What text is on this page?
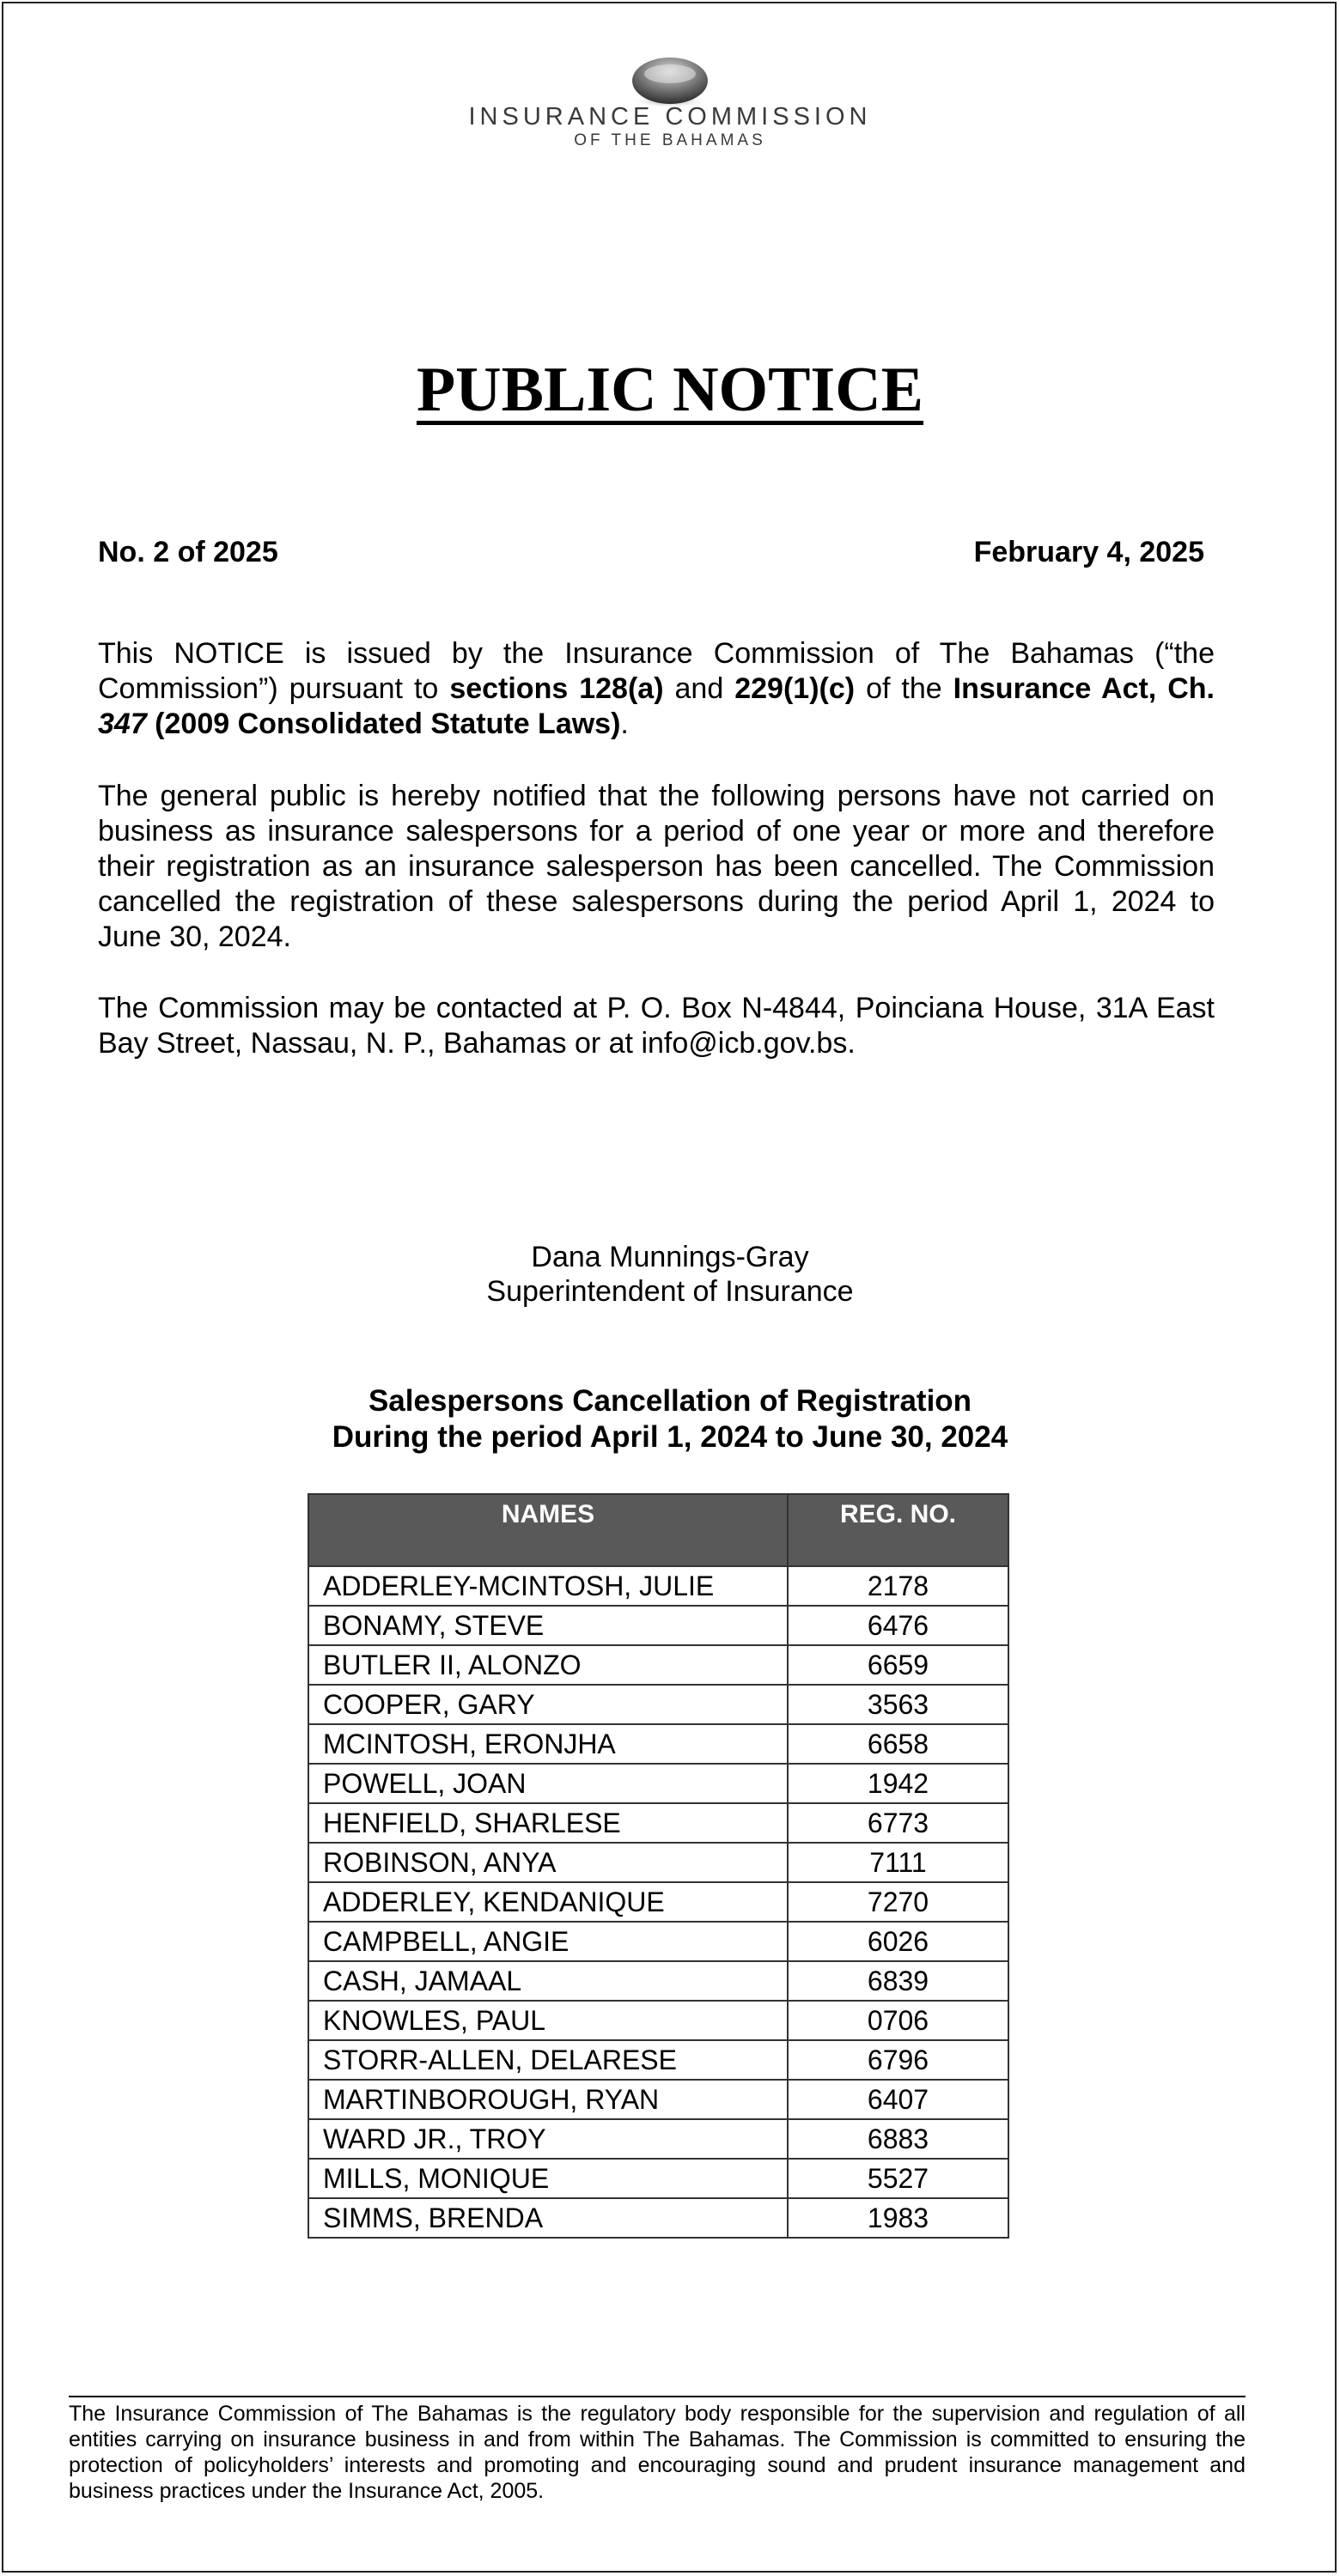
INSURANCE COMMISSION
OF THE BAHAMAS
PUBLIC NOTICE
No. 2 of 2025	February 4, 2025
This NOTICE is issued by the Insurance Commission of The Bahamas (“the Commission”) pursuant to sections 128(a) and 229(1)(c) of the Insurance Act, Ch. 347 (2009 Consolidated Statute Laws).
The general public is hereby notified that the following persons have not carried on business as insurance salespersons for a period of one year or more and therefore their registration as an insurance salesperson has been cancelled. The Commission cancelled the registration of these salespersons during the period April 1, 2024 to June 30, 2024.
The Commission may be contacted at P. O. Box N-4844, Poinciana House, 31A East Bay Street, Nassau, N. P., Bahamas or at info@icb.gov.bs.
Dana Munnings-Gray
Superintendent of Insurance
Salespersons Cancellation of Registration
During the period April 1, 2024 to June 30, 2024
NAMES	REG. NO.
ADDERLEY-MCINTOSH, JULIE	2178
BONAMY, STEVE	6476
BUTLER II, ALONZO	6659
COOPER, GARY	3563
MCINTOSH, ERONJHA	6658
POWELL, JOAN	1942
HENFIELD, SHARLESE	6773
ROBINSON, ANYA	7111
ADDERLEY, KENDANIQUE	7270
CAMPBELL, ANGIE	6026
CASH, JAMAAL	6839
KNOWLES, PAUL	0706
STORR-ALLEN, DELARESE	6796
MARTINBOROUGH, RYAN	6407
WARD JR., TROY	6883
MILLS, MONIQUE	5527
SIMMS, BRENDA	1983
The Insurance Commission of The Bahamas is the regulatory body responsible for the supervision and regulation of all entities carrying on insurance business in and from within The Bahamas. The Commission is committed to ensuring the protection of policyholders’ interests and promoting and encouraging sound and prudent insurance management and business practices under the Insurance Act, 2005.
